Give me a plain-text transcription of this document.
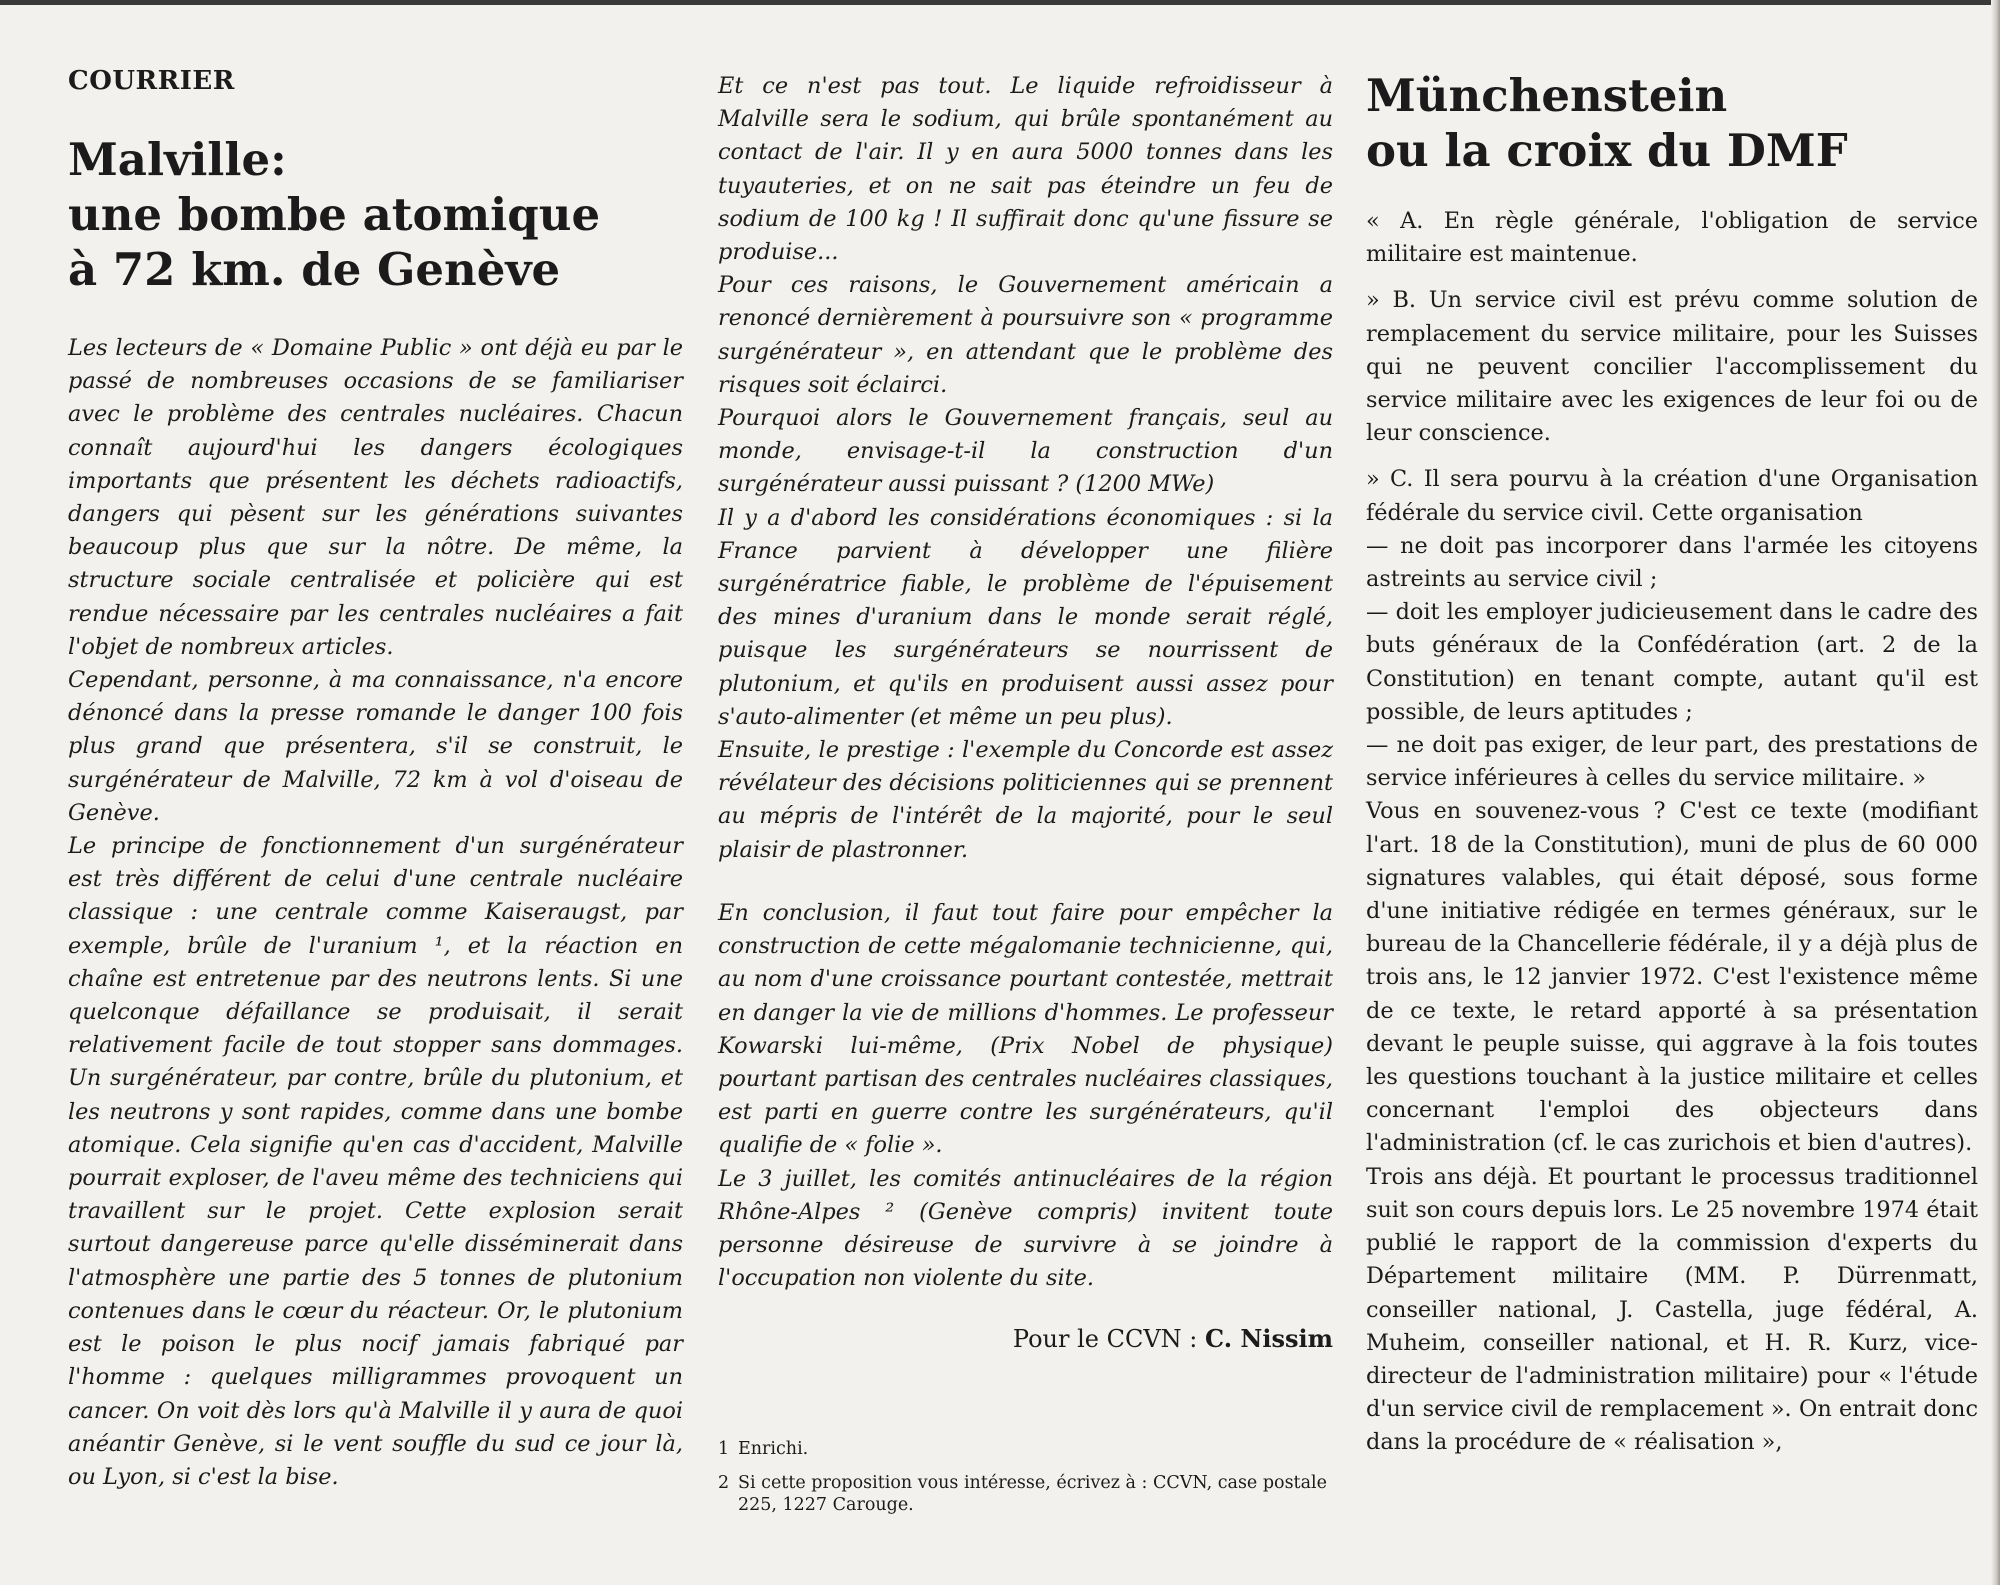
COURRIER
Malville:
une bombe atomique
à 72 km. de Genève

Les lecteurs de « Domaine Public » ont déjà eu par le passé de nombreuses occasions de se familiariser avec le problème des centrales nucléaires. Chacun connaît aujourd'hui les dangers écologiques importants que présentent les déchets radioactifs, dangers qui pèsent sur les générations suivantes beaucoup plus que sur la nôtre. De même, la structure sociale centralisée et policière qui est rendue nécessaire par les centrales nucléaires a fait l'objet de nombreux articles.

Cependant, personne, à ma connaissance, n'a encore dénoncé dans la presse romande le danger 100 fois plus grand que présentera, s'il se construit, le surgénérateur de Malville, 72 km à vol d'oiseau de Genève.

Le principe de fonctionnement d'un surgénérateur est très différent de celui d'une centrale nucléaire classique : une centrale comme Kaiseraugst, par exemple, brûle de l'uranium ¹, et la réaction en chaîne est entretenue par des neutrons lents. Si une quelconque défaillance se produisait, il serait relativement facile de tout stopper sans dommages. Un surgénérateur, par contre, brûle du plutonium, et les neutrons y sont rapides, comme dans une bombe atomique. Cela signifie qu'en cas d'accident, Malville pourrait exploser, de l'aveu même des techniciens qui travaillent sur le projet. Cette explosion serait surtout dangereuse parce qu'elle disséminerait dans l'atmosphère une partie des 5 tonnes de plutonium contenues dans le cœur du réacteur. Or, le plutonium est le poison le plus nocif jamais fabriqué par l'homme : quelques milligrammes provoquent un cancer. On voit dès lors qu'à Malville il y aura de quoi anéantir Genève, si le vent souffle du sud ce jour là, ou Lyon, si c'est la bise.

Et ce n'est pas tout. Le liquide refroidisseur à Malville sera le sodium, qui brûle spontanément au contact de l'air. Il y en aura 5000 tonnes dans les tuyauteries, et on ne sait pas éteindre un feu de sodium de 100 kg ! Il suffirait donc qu'une fissure se produise...

Pour ces raisons, le Gouvernement américain a renoncé dernièrement à poursuivre son « programme surgénérateur », en attendant que le problème des risques soit éclairci.

Pourquoi alors le Gouvernement français, seul au monde, envisage-t-il la construction d'un surgénérateur aussi puissant ? (1200 MWe)

Il y a d'abord les considérations économiques : si la France parvient à développer une filière surgénératrice fiable, le problème de l'épuisement des mines d'uranium dans le monde serait réglé, puisque les surgénérateurs se nourrissent de plutonium, et qu'ils en produisent aussi assez pour s'auto-alimenter (et même un peu plus).

Ensuite, le prestige : l'exemple du Concorde est assez révélateur des décisions politiciennes qui se prennent au mépris de l'intérêt de la majorité, pour le seul plaisir de plastronner.

En conclusion, il faut tout faire pour empêcher la construction de cette mégalomanie technicienne, qui, au nom d'une croissance pourtant contestée, mettrait en danger la vie de millions d'hommes. Le professeur Kowarski lui-même, (Prix Nobel de physique) pourtant partisan des centrales nucléaires classiques, est parti en guerre contre les surgénérateurs, qu'il qualifie de « folie ».

Le 3 juillet, les comités antinucléaires de la région Rhône-Alpes ² (Genève compris) invitent toute personne désireuse de survivre à se joindre à l'occupation non violente du site.

Pour le CCVN : C. Nissim
1 Enrichi.
2 Si cette proposition vous intéresse, écrivez à : CCVN, case postale 225, 1227 Carouge.
Münchenstein
ou la croix du DMF

« A. En règle générale, l'obligation de service militaire est maintenue.

» B. Un service civil est prévu comme solution de remplacement du service militaire, pour les Suisses qui ne peuvent concilier l'accomplissement du service militaire avec les exigences de leur foi ou de leur conscience.

» C. Il sera pourvu à la création d'une Organisation fédérale du service civil. Cette organisation

— ne doit pas incorporer dans l'armée les citoyens astreints au service civil ;

— doit les employer judicieusement dans le cadre des buts généraux de la Confédération (art. 2 de la Constitution) en tenant compte, autant qu'il est possible, de leurs aptitudes ;

— ne doit pas exiger, de leur part, des prestations de service inférieures à celles du service militaire. »

Vous en souvenez-vous ? C'est ce texte (modifiant l'art. 18 de la Constitution), muni de plus de 60 000 signatures valables, qui était déposé, sous forme d'une initiative rédigée en termes généraux, sur le bureau de la Chancellerie fédérale, il y a déjà plus de trois ans, le 12 janvier 1972. C'est l'existence même de ce texte, le retard apporté à sa présentation devant le peuple suisse, qui aggrave à la fois toutes les questions touchant à la justice militaire et celles concernant l'emploi des objecteurs dans l'administration (cf. le cas zurichois et bien d'autres).

Trois ans déjà. Et pourtant le processus traditionnel suit son cours depuis lors. Le 25 novembre 1974 était publié le rapport de la commission d'experts du Département militaire (MM. P. Dürrenmatt, conseiller national, J. Castella, juge fédéral, A. Muheim, conseiller national, et H. R. Kurz, vice-directeur de l'administration militaire) pour « l'étude d'un service civil de remplacement ». On entrait donc dans la procédure de « réalisation »,
